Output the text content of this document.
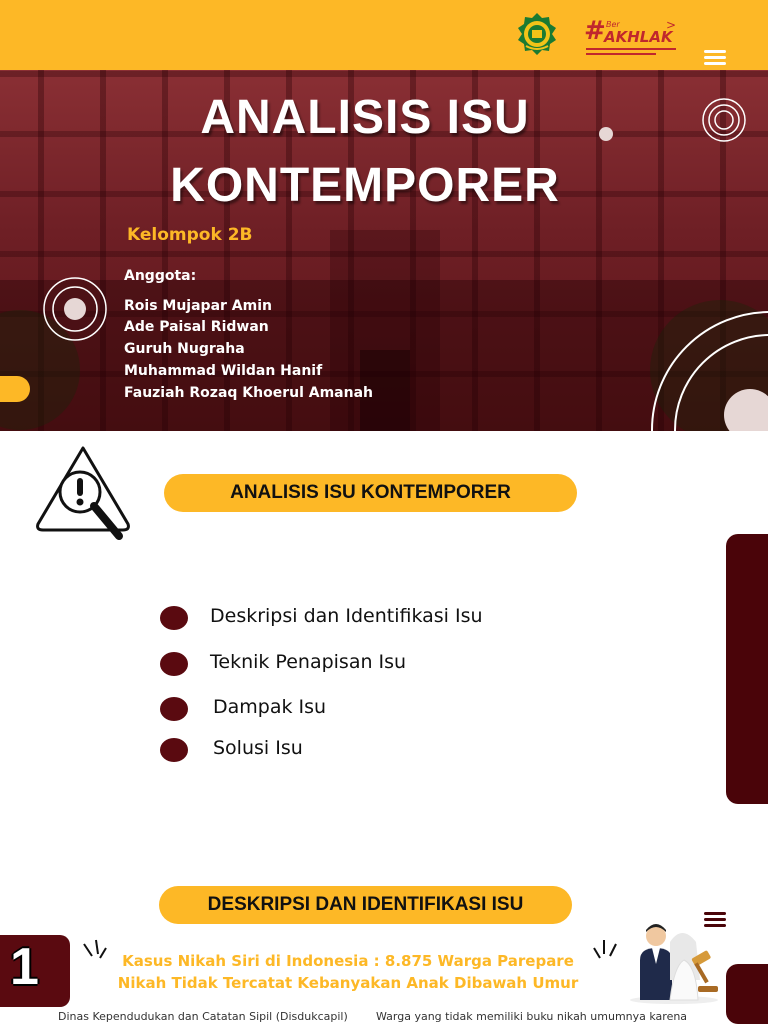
# Ber
AKHLAK
>
ANALISIS ISU
KONTEMPORER
Kelompok 2B
Anggota:
Rois Mujapar Amin
Ade Paisal Ridwan
Guruh Nugraha
Muhammad Wildan Hanif
Fauziah Rozaq Khoerul Amanah
ANALISIS ISU KONTEMPORER
Deskripsi dan Identifikasi Isu
Teknik Penapisan Isu
Dampak Isu
Solusi Isu
DESKRIPSI DAN IDENTIFIKASI ISU
1	Kasus Nikah Siri di Indonesia : 8.875 Warga Parepare Nikah Tidak Tercatat Kebanyakan Anak Dibawah Umur
Dinas Kependudukan dan Catatan Sipil (Disdukcapil)	Warga yang tidak memiliki buku nikah umumnya karena
